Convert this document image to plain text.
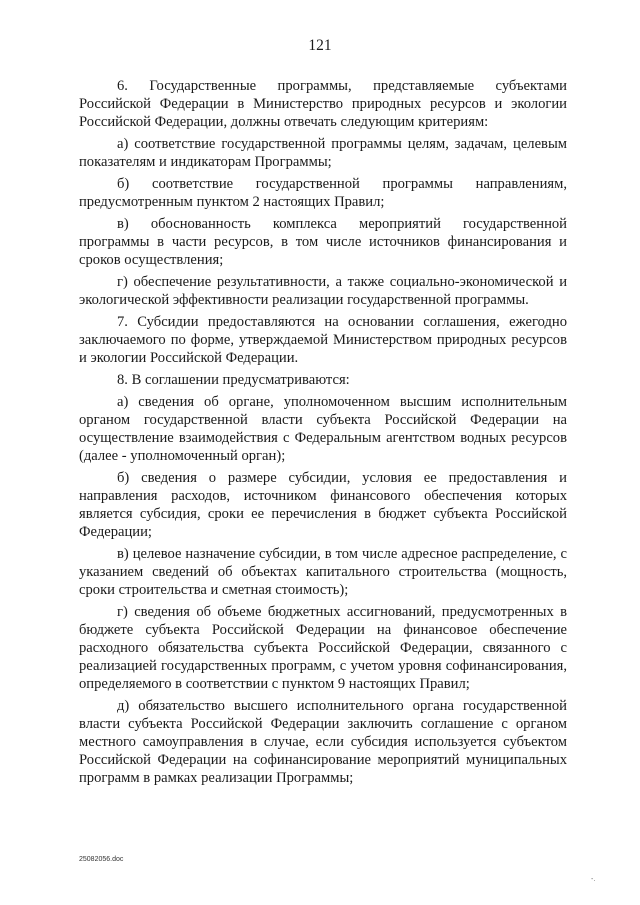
121

6. Государственные программы, представляемые субъектами Российской Федерации в Министерство природных ресурсов и экологии Российской Федерации, должны отвечать следующим критериям:

а) соответствие государственной программы целям, задачам, целевым показателям и индикаторам Программы;

б) соответствие государственной программы направлениям, предусмотренным пунктом 2 настоящих Правил;

в) обоснованность комплекса мероприятий государственной программы в части ресурсов, в том числе источников финансирования и сроков осуществления;

г) обеспечение результативности, а также социально-экономической и экологической эффективности реализации государственной программы.

7. Субсидии предоставляются на основании соглашения, ежегодно заключаемого по форме, утверждаемой Министерством природных ресурсов и экологии Российской Федерации.

8. В соглашении предусматриваются:

а) сведения об органе, уполномоченном высшим исполнительным органом государственной власти субъекта Российской Федерации на осуществление взаимодействия с Федеральным агентством водных ресурсов (далее - уполномоченный орган);

б) сведения о размере субсидии, условия ее предоставления и направления расходов, источником финансового обеспечения которых является субсидия, сроки ее перечисления в бюджет субъекта Российской Федерации;

в) целевое назначение субсидии, в том числе адресное распределение, с указанием сведений об объектах капитального строительства (мощность, сроки строительства и сметная стоимость);

г) сведения об объеме бюджетных ассигнований, предусмотренных в бюджете субъекта Российской Федерации на финансовое обеспечение расходного обязательства субъекта Российской Федерации, связанного с реализацией государственных программ, с учетом уровня софинансирования, определяемого в соответствии с пунктом 9 настоящих Правил;

д) обязательство высшего исполнительного органа государственной власти субъекта Российской Федерации заключить соглашение с органом местного самоуправления в случае, если субсидия используется субъектом Российской Федерации на софинансирование мероприятий муниципальных программ в рамках реализации Программы;

25082056.doc
-.
